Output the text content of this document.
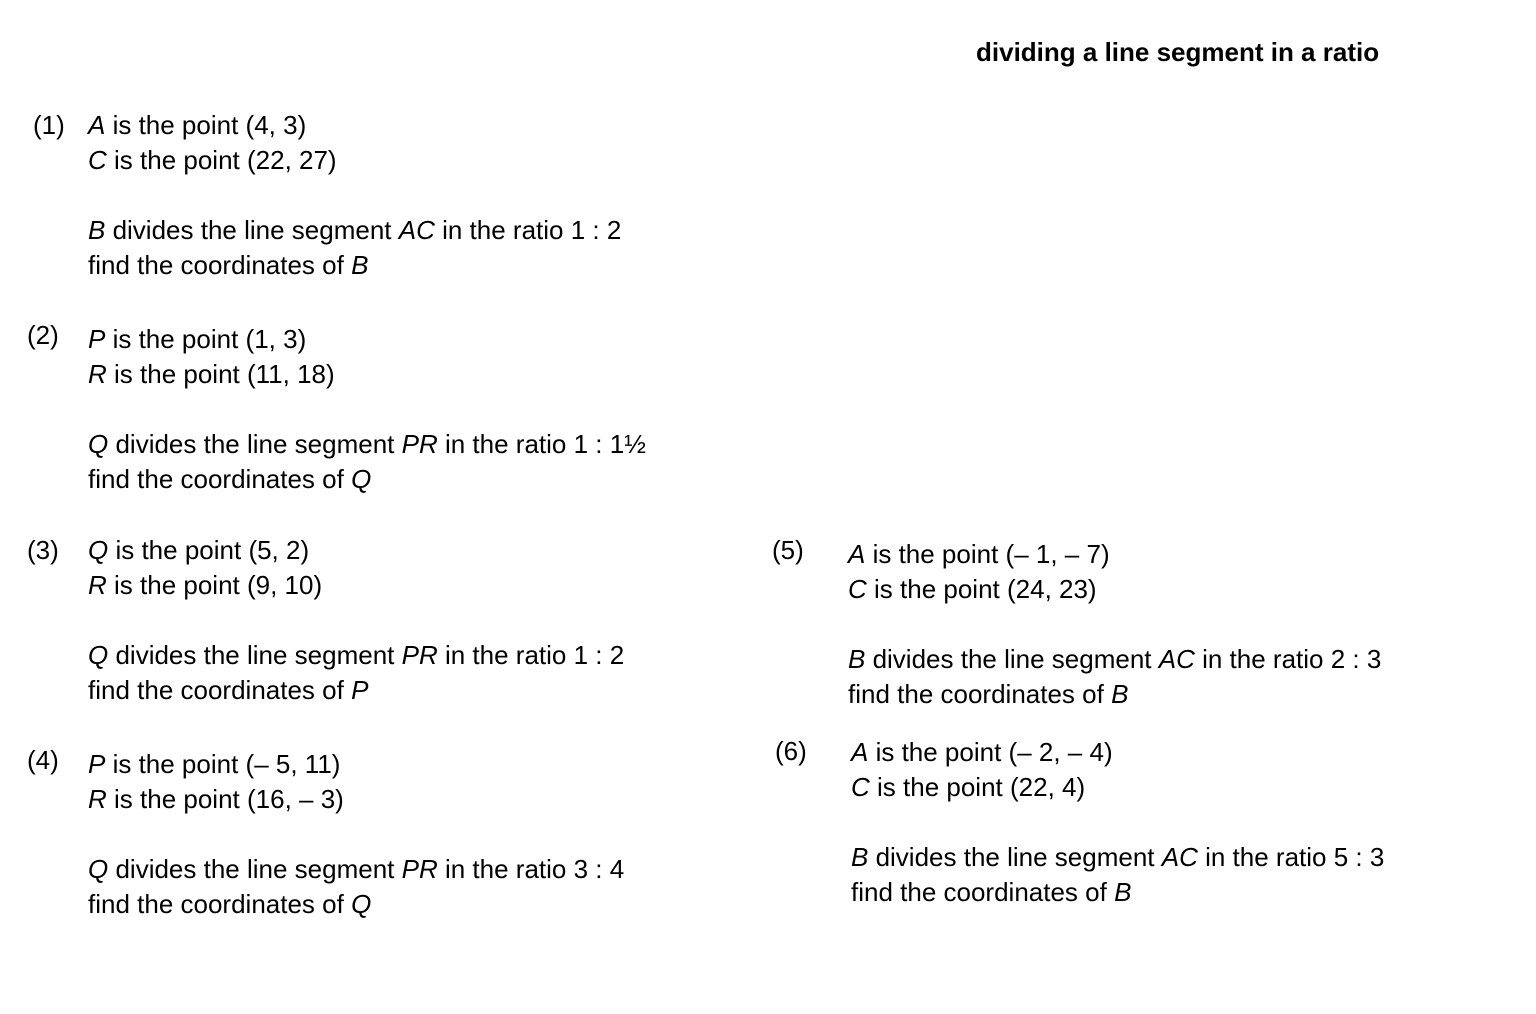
dividing a line segment in a ratio
(1) A is the point (4, 3)
C is the point (22, 27)
B divides the line segment AC in the ratio 1 : 2
find the coordinates of B
(2) P is the point (1, 3)
R is the point (11, 18)
Q divides the line segment PR in the ratio 1 : 1½
find the coordinates of Q
(3) Q is the point (5, 2)
R is the point (9, 10)
Q divides the line segment PR in the ratio 1 : 2
find the coordinates of P
(4) P is the point (– 5, 11)
R is the point (16, – 3)
Q divides the line segment PR in the ratio 3 : 4
find the coordinates of Q
(5) A is the point (– 1, – 7)
C is the point (24, 23)
B divides the line segment AC in the ratio 2 : 3
find the coordinates of B
(6) A is the point (– 2, – 4)
C is the point (22, 4)
B divides the line segment AC in the ratio 5 : 3
find the coordinates of B
